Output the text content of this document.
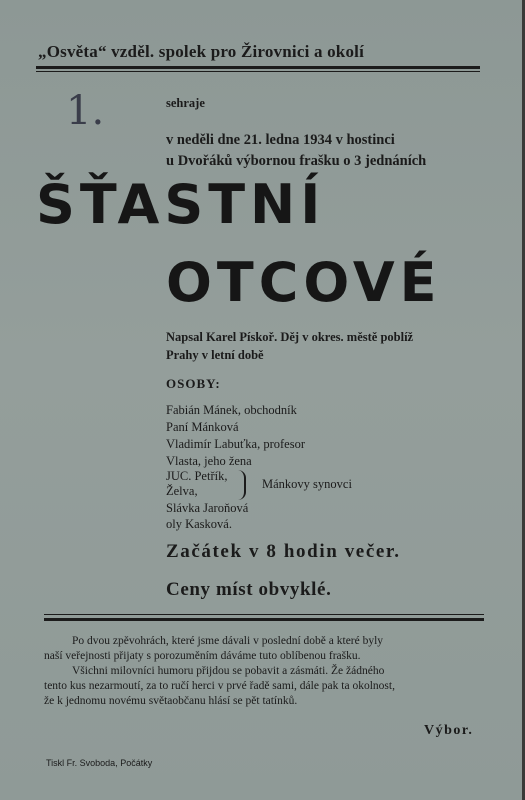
„Osvěta“ vzděl. spolek pro Žirovnici a okolí
1.	sehraje
v neděli dne 21. ledna 1934 v hostinci
u Dvořáků výbornou frašku o 3 jednáních
ŠŤASTNÍ
OTCOVÉ
Napsal Karel Pískoř. Děj v okres. městě poblíž
Prahy v letní době
OSOBY:
Fabián Mánek, obchodník
Paní Mánková
Vladimír Labuťka, profesor
Vlasta, jeho žena
JUC. Petřík,
Želva,
Slávka Jaroňová
oly Kasková.
Mánkovy synovci
Začátek v 8 hodin večer.
Ceny míst obvyklé.
Po dvou zpěvohrách, které jsme dávali v poslední době a které byly
naší veřejnosti přijaty s porozuměním dáváme tuto oblíbenou frašku.
Všichni milovníci humoru přijdou se pobavit a zásmáti. Že žádného
tento kus nezarmoutí, za to ručí herci v prvé řadě sami, dále pak ta okolnost,
že k jednomu novému světaobčanu hlásí se pět tatínků.
Výbor.
Tiskl Fr. Svoboda, Počátky
